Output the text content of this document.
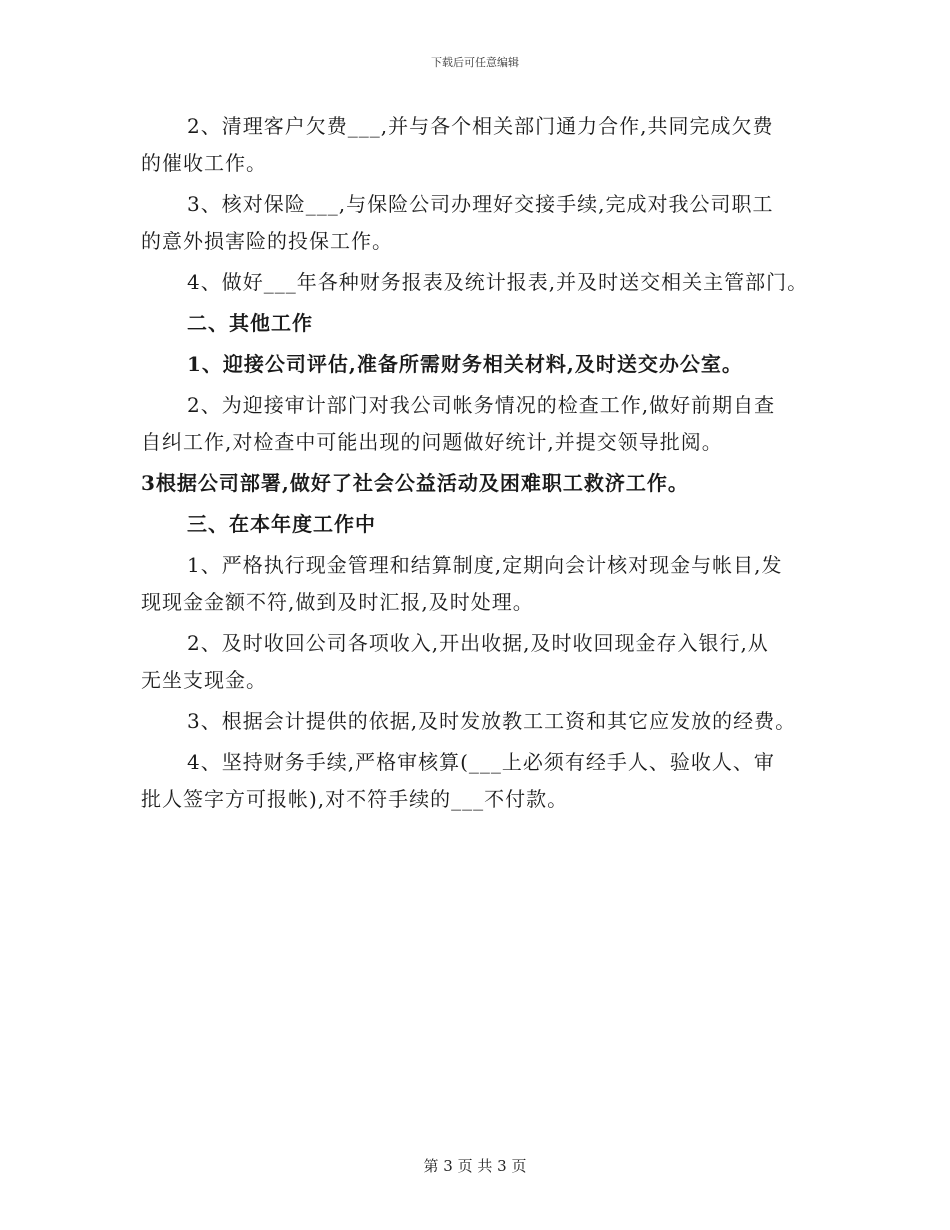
下载后可任意编辑

2、清理客户欠费___,并与各个相关部门通力合作,共同完成欠费
的催收工作。

3、核对保险___,与保险公司办理好交接手续,完成对我公司职工
的意外损害险的投保工作。

4、做好___年各种财务报表及统计报表,并及时送交相关主管部门。

二、其他工作

1、迎接公司评估,准备所需财务相关材料,及时送交办公室。

2、为迎接审计部门对我公司帐务情况的检查工作,做好前期自查
自纠工作,对检查中可能出现的问题做好统计,并提交领导批阅。

3根据公司部署,做好了社会公益活动及困难职工救济工作。

三、在本年度工作中

1、严格执行现金管理和结算制度,定期向会计核对现金与帐目,发
现现金金额不符,做到及时汇报,及时处理。

2、及时收回公司各项收入,开出收据,及时收回现金存入银行,从
无坐支现金。

3、根据会计提供的依据,及时发放教工工资和其它应发放的经费。

4、坚持财务手续,严格审核算(___上必须有经手人、验收人、审
批人签字方可报帐),对不符手续的___不付款。

第 3 页 共 3 页
